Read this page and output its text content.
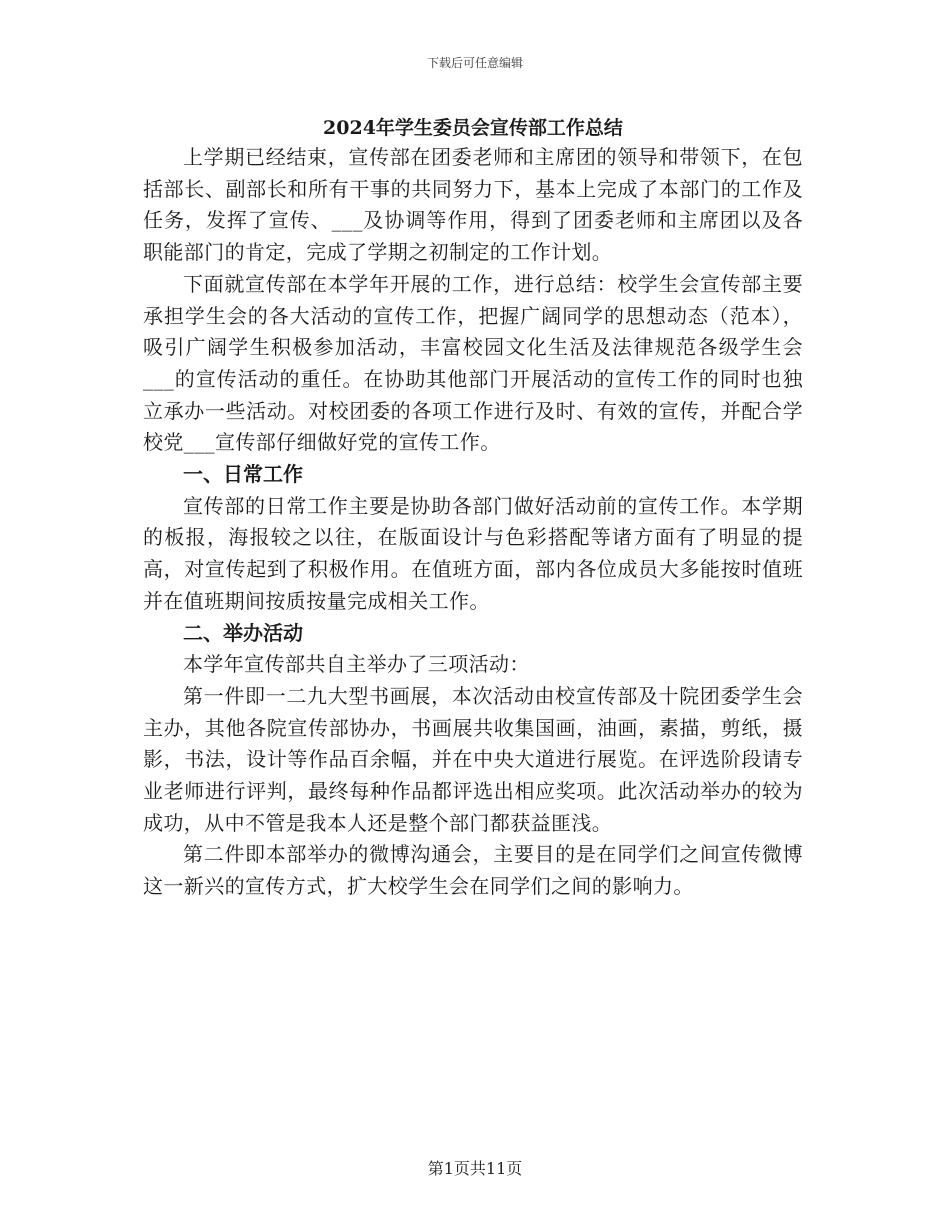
下载后可任意编辑
2024年学生委员会宣传部工作总结

上学期已经结束，宣传部在团委老师和主席团的领导和带领下，在包括部长、副部长和所有干事的共同努力下，基本上完成了本部门的工作及任务，发挥了宣传、___及协调等作用，得到了团委老师和主席团以及各职能部门的肯定，完成了学期之初制定的工作计划。

下面就宣传部在本学年开展的工作，进行总结：校学生会宣传部主要承担学生会的各大活动的宣传工作，把握广阔同学的思想动态（范本），吸引广阔学生积极参加活动，丰富校园文化生活及法律规范各级学生会___的宣传活动的重任。在协助其他部门开展活动的宣传工作的同时也独立承办一些活动。对校团委的各项工作进行及时、有效的宣传，并配合学校党___宣传部仔细做好党的宣传工作。

一、日常工作

宣传部的日常工作主要是协助各部门做好活动前的宣传工作。本学期的板报，海报较之以往，在版面设计与色彩搭配等诸方面有了明显的提高，对宣传起到了积极作用。在值班方面，部内各位成员大多能按时值班并在值班期间按质按量完成相关工作。

二、举办活动

本学年宣传部共自主举办了三项活动：

第一件即一二九大型书画展，本次活动由校宣传部及十院团委学生会主办，其他各院宣传部协办，书画展共收集国画，油画，素描，剪纸，摄影，书法，设计等作品百余幅，并在中央大道进行展览。在评选阶段请专业老师进行评判，最终每种作品都评选出相应奖项。此次活动举办的较为成功，从中不管是我本人还是整个部门都获益匪浅。

第二件即本部举办的微博沟通会，主要目的是在同学们之间宣传微博这一新兴的宣传方式，扩大校学生会在同学们之间的影响力。

第1页共11页
